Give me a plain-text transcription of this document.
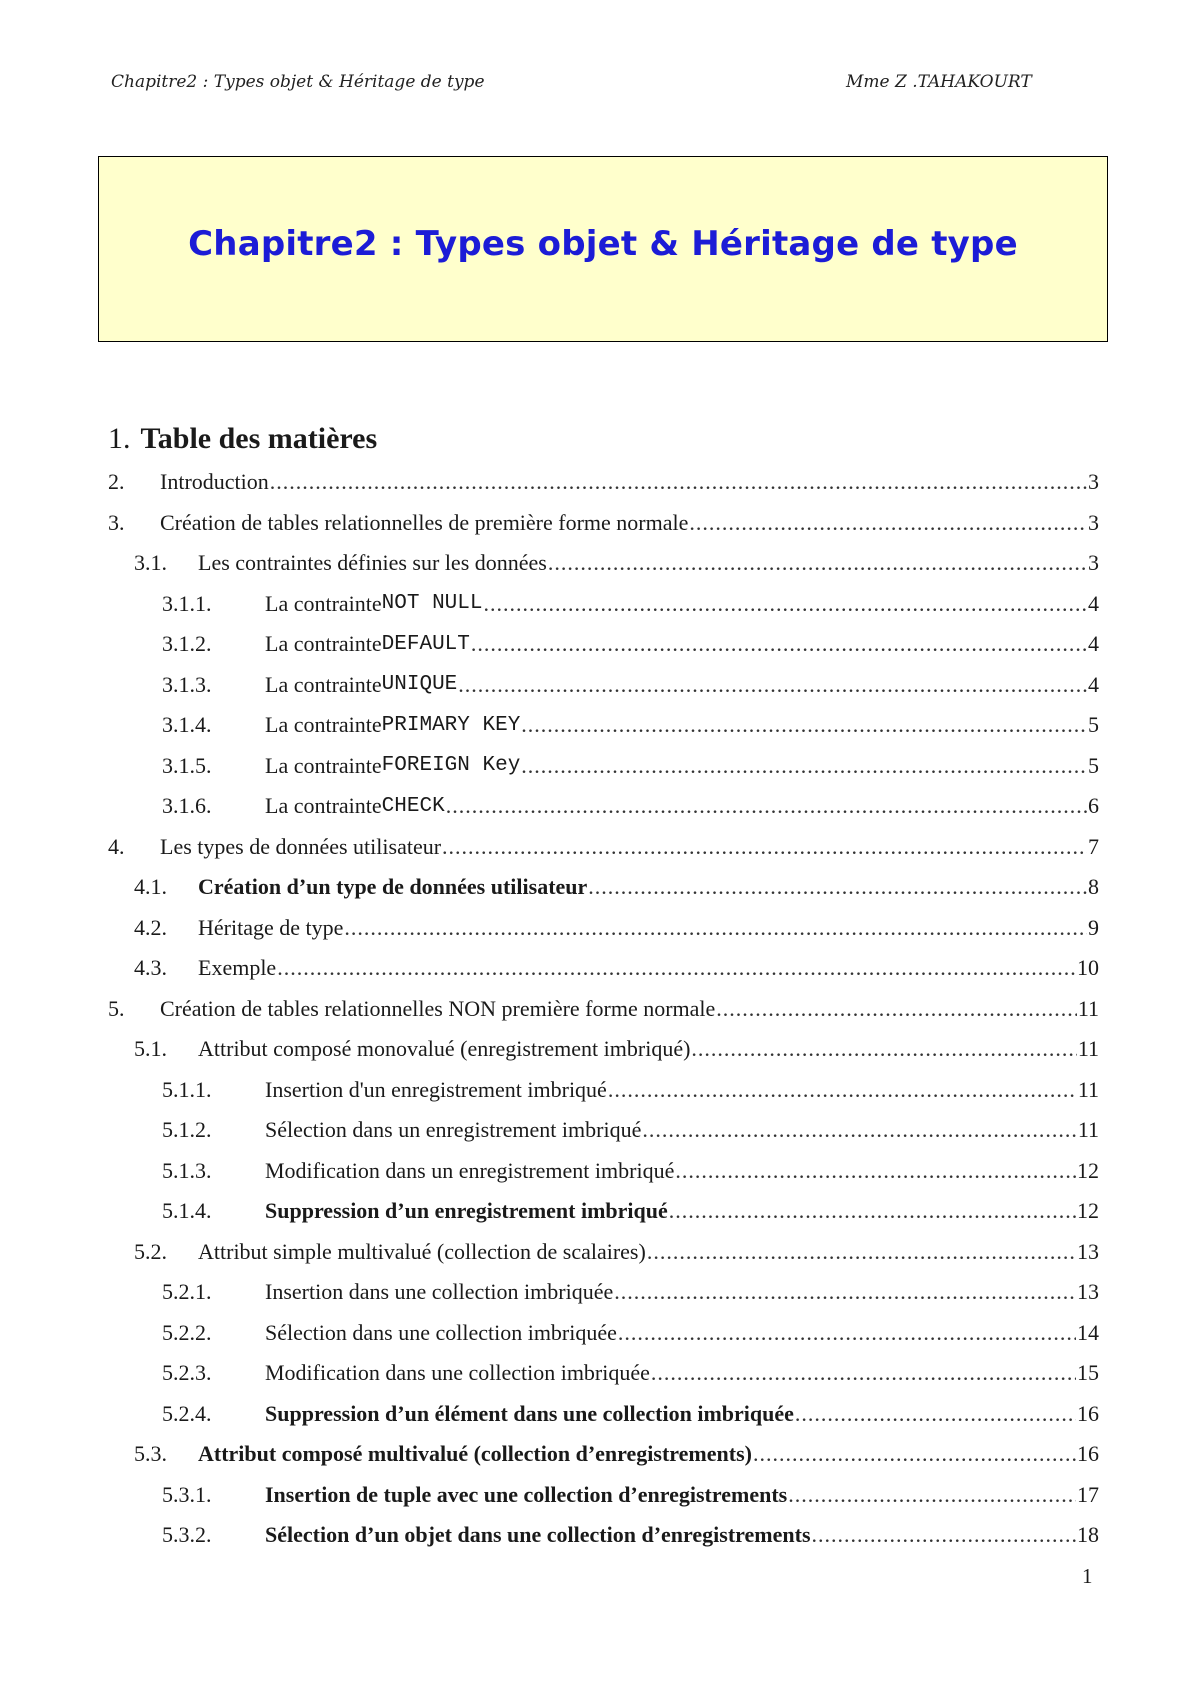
Chapitre2 : Types objet & Héritage de type	Mme Z .TAHAKOURT
Chapitre2 : Types objet & Héritage de type
1. Table des matières
2.	Introduction .....	3
3.	Création de tables relationnelles de première forme normale .....	3
3.1.	Les contraintes définies sur les données .....	3
3.1.1.	La contrainte NOT NULL .....	4
3.1.2.	La contrainte DEFAULT .....	4
3.1.3.	La contrainte UNIQUE .....	4
3.1.4.	La contrainte PRIMARY KEY .....	5
3.1.5.	La contrainte FOREIGN Key .....	5
3.1.6.	La contrainte CHECK .....	6
4.	Les types de données utilisateur .....	7
4.1.	Création d’un type de données utilisateur .....	8
4.2.	Héritage de type .....	9
4.3.	Exemple .....	10
5.	Création de tables relationnelles NON première forme normale .....	11
5.1.	Attribut composé monovalué (enregistrement imbriqué) .....	11
5.1.1.	Insertion d'un enregistrement imbriqué .....	11
5.1.2.	Sélection dans un enregistrement imbriqué .....	11
5.1.3.	Modification dans un enregistrement imbriqué .....	12
5.1.4.	Suppression d’un enregistrement imbriqué .....	12
5.2.	Attribut simple multivalué (collection de scalaires) .....	13
5.2.1.	Insertion dans une collection imbriquée .....	13
5.2.2.	Sélection dans une collection imbriquée .....	14
5.2.3.	Modification dans une collection imbriquée .....	15
5.2.4.	Suppression d’un élément dans une collection imbriquée .....	16
5.3.	Attribut composé multivalué (collection d’enregistrements) .....	16
5.3.1.	Insertion de tuple avec une collection d’enregistrements .....	17
5.3.2.	Sélection d’un objet dans une collection d’enregistrements .....	18
1
